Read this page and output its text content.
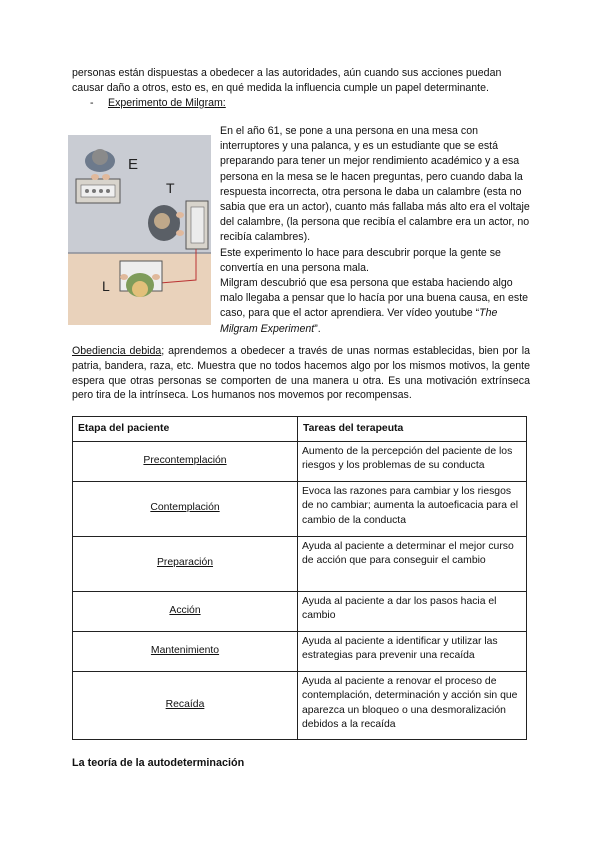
personas están dispuestas a obedecer a las autoridades, aún cuando sus acciones puedan
causar daño a otros, esto es, en qué medida la influencia cumple un papel determinante.

- Experimento de Milgram:
E
T
L

En el año 61, se pone a una persona en una mesa con interruptores y una palanca, y es un estudiante que se está preparando para tener un mejor rendimiento académico y a esa persona en la mesa se le hacen preguntas, pero cuando daba la respuesta incorrecta, otra persona le daba un calambre (esta no sabia que era un actor), cuanto más fallaba más alto era el voltaje del calambre, (la persona que recibía el calambre era un actor, no recibía calambres).

Este experimento lo hace para descubrir porque la gente se convertía en una persona mala.

Milgram descubrió que esa persona que estaba haciendo algo malo llegaba a pensar que lo hacía por una buena causa, en este caso, para que el actor aprendiera. Ver vídeo youtube “The Milgram Experiment”.

Obediencia debida; aprendemos a obedecer a través de unas normas establecidas, bien por la patria, bandera, raza, etc. Muestra que no todos hacemos algo por los mismos motivos, la gente espera que otras personas se comporten de una manera u otra. Es una motivación extrínseca pero tira de la intrínseca. Los humanos nos movemos por recompensas.

Etapa del paciente	Tareas del terapeuta
Precontemplación	Aumento de la percepción del paciente de los riesgos y los problemas de su conducta
Contemplación	Evoca las razones para cambiar y los riesgos de no cambiar; aumenta la autoeficacia para el cambio de la conducta
Preparación	Ayuda al paciente a determinar el mejor curso de acción que para conseguir el cambio
Acción	Ayuda al paciente a dar los pasos hacia el cambio
Mantenimiento	Ayuda al paciente a identificar y utilizar las estrategias para prevenir una recaída
Recaída	Ayuda al paciente a renovar el proceso de contemplación, determinación y acción sin que aparezca un bloqueo o una desmoralización debidos a la recaída
La teoría de la autodeterminación
